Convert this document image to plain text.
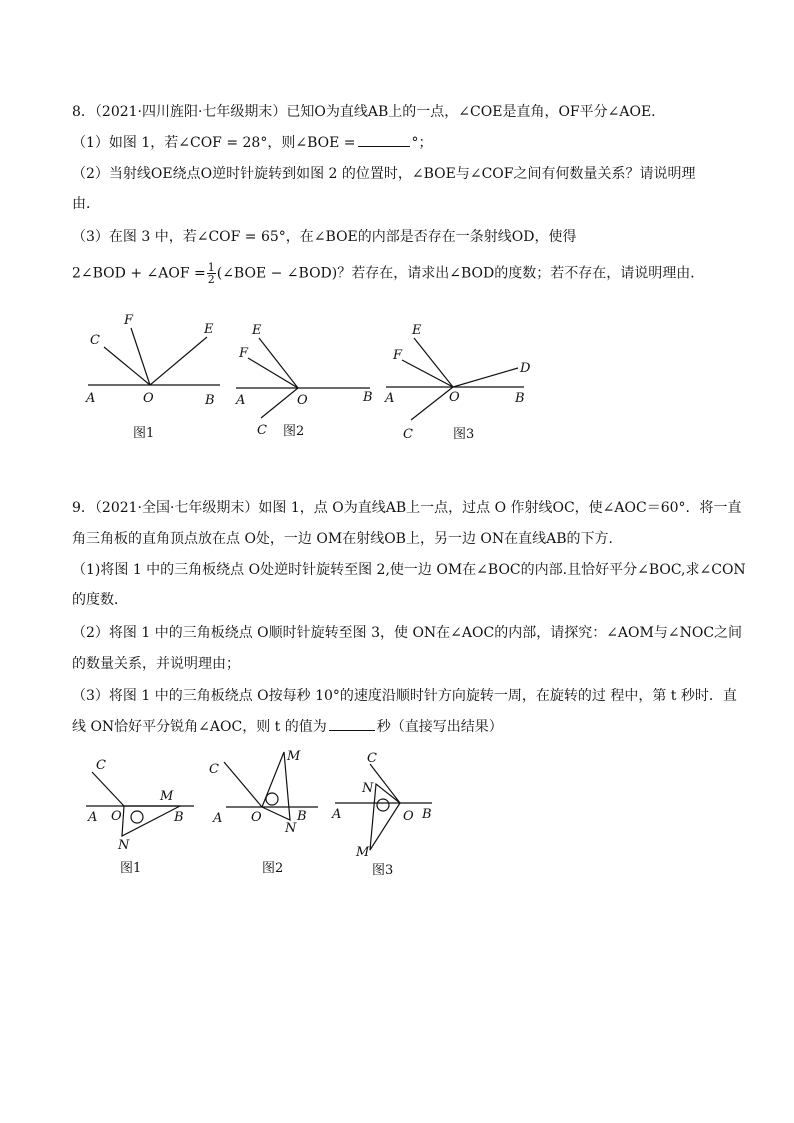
8．（2021·四川旌阳·七年级期末）已知O为直线AB上的一点，∠COE是直角，OF平分∠AOE．
（1）如图 1，若∠COF = 28°，则∠BOE =	°；
（2）当射线OE绕点O逆时针旋转到如图 2 的位置时，∠BOE与∠COF之间有何数量关系？请说明理
由．
（3）在图 3 中，若∠COF = 65°，在∠BOE的内部是否存在一条射线OD，使得
2∠BOD + ∠AOF = $\frac{1}{2}$ (∠BOE − ∠BOD)？若存在，请求出∠BOD的度数；若不存在，请说明理由．
9．（2021·全国·七年级期末）如图 1，点 O为直线AB上一点，过点 O 作射线OC，使∠AOC＝60°．将一直
角三角板的直角顶点放在点 O处，一边 OM在射线OB上，另一边 ON在直线AB的下方．
（1)将图 1 中的三角板绕点 O处逆时针旋转至图 2,使一边 OM在∠BOC的内部.且恰好平分∠BOC,求∠CON
的度数．
（2）将图 1 中的三角板绕点 O顺时针旋转至图 3，使 ON在∠AOC的内部，请探究：∠AOM与∠NOC之间
的数量关系，并说明理由；
（3）将图 1 中的三角板绕点 O按每秒 10°的速度沿顺时针方向旋转一周，在旋转的过 程中，第 t 秒时．直
线 ON恰好平分锐角∠AOC，则 t 的值为	秒（直接写出结果）
C
F
E
A	O	B
图1
E
F
A	O	B
C 图2
E
F
D
A	O	B
C	图3
C
M
A O	B
N
图1
C
M
A O	B
N
图2
C
N
A	O B
M
图3
